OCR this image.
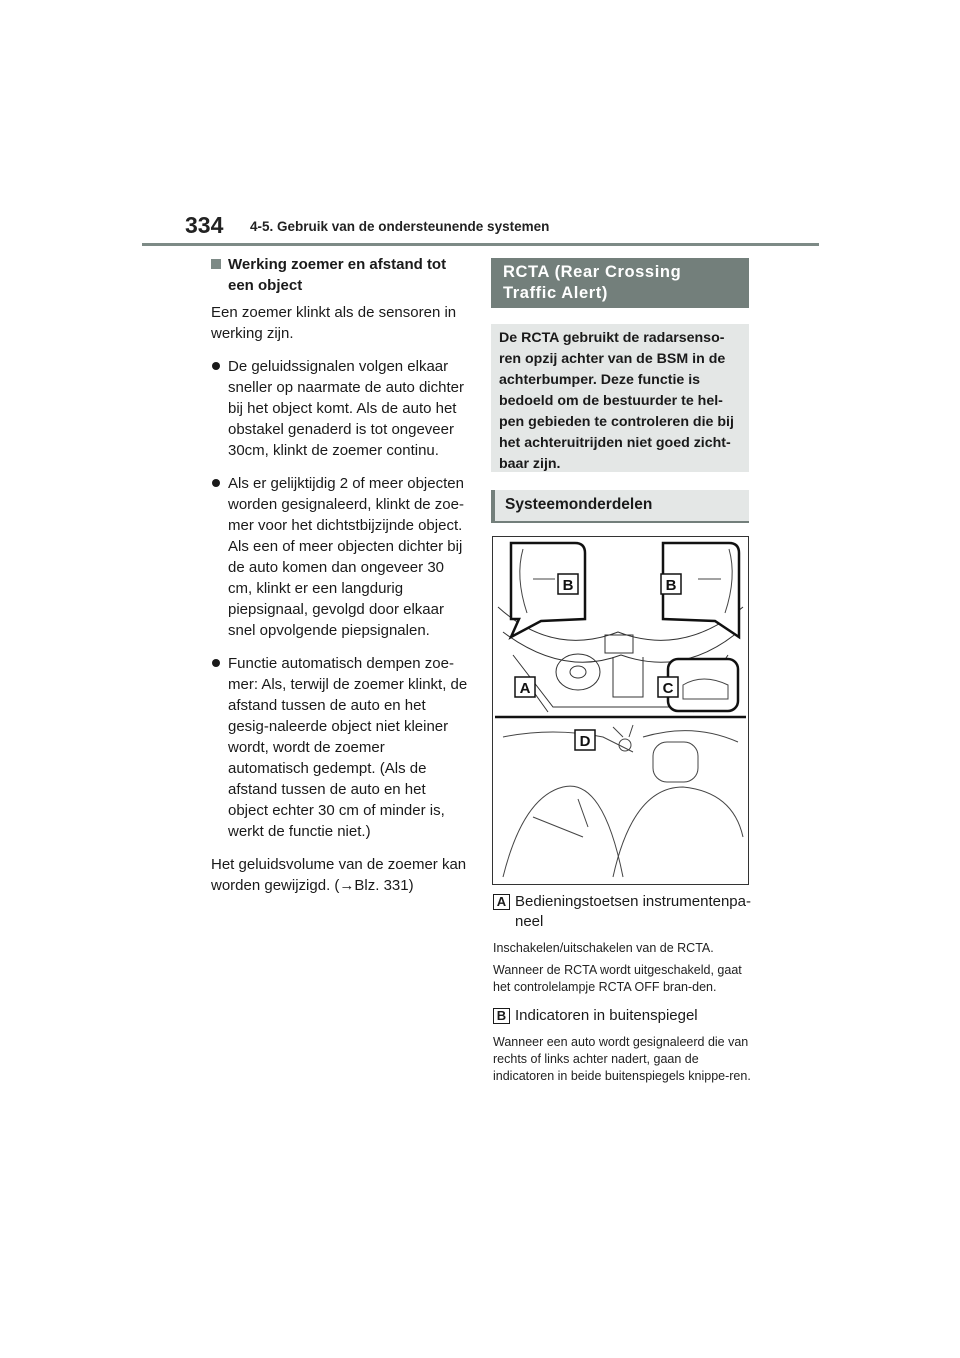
334 4-5. Gebruik van de ondersteunende systemen
Werking zoemer en afstand tot een object

Een zoemer klinkt als de sensoren in werking zijn.

De geluidssignalen volgen elkaar sneller op naarmate de auto dichter bij het object komt. Als de auto het obstakel genaderd is tot ongeveer 30cm, klinkt de zoemer continu.
Als er gelijktijdig 2 of meer objecten worden gesignaleerd, klinkt de zoe-mer voor het dichtstbijzijnde object. Als een of meer objecten dichter bij de auto komen dan ongeveer 30 cm, klinkt er een langdurig piepsignaal, gevolgd door elkaar snel opvolgende piepsignalen.
Functie automatisch dempen zoe-mer: Als, terwijl de zoemer klinkt, de afstand tussen de auto en het gesig-naleerde object niet kleiner wordt, wordt de zoemer automatisch gedempt. (Als de afstand tussen de auto en het object echter 30 cm of minder is, werkt de functie niet.)

Het geluidsvolume van de zoemer kan worden gewijzigd. (→Blz. 331)

RCTA (Rear Crossing Traffic Alert)
De RCTA gebruikt de radarsenso-ren opzij achter van de BSM in de achterbumper. Deze functie is bedoeld om de bestuurder te hel-pen gebieden te controleren die bij het achteruitrijden niet goed zicht-baar zijn.
Systeemonderdelen
B	B
A	C
D
A Bedieningstoetsen instrumentenpa-neel

Inschakelen/uitschakelen van de RCTA.

Wanneer de RCTA wordt uitgeschakeld, gaat het controlelampje RCTA OFF bran-den.

B Indicatoren in buitenspiegel

Wanneer een auto wordt gesignaleerd die van rechts of links achter nadert, gaan de indicatoren in beide buitenspiegels knippe-ren.
